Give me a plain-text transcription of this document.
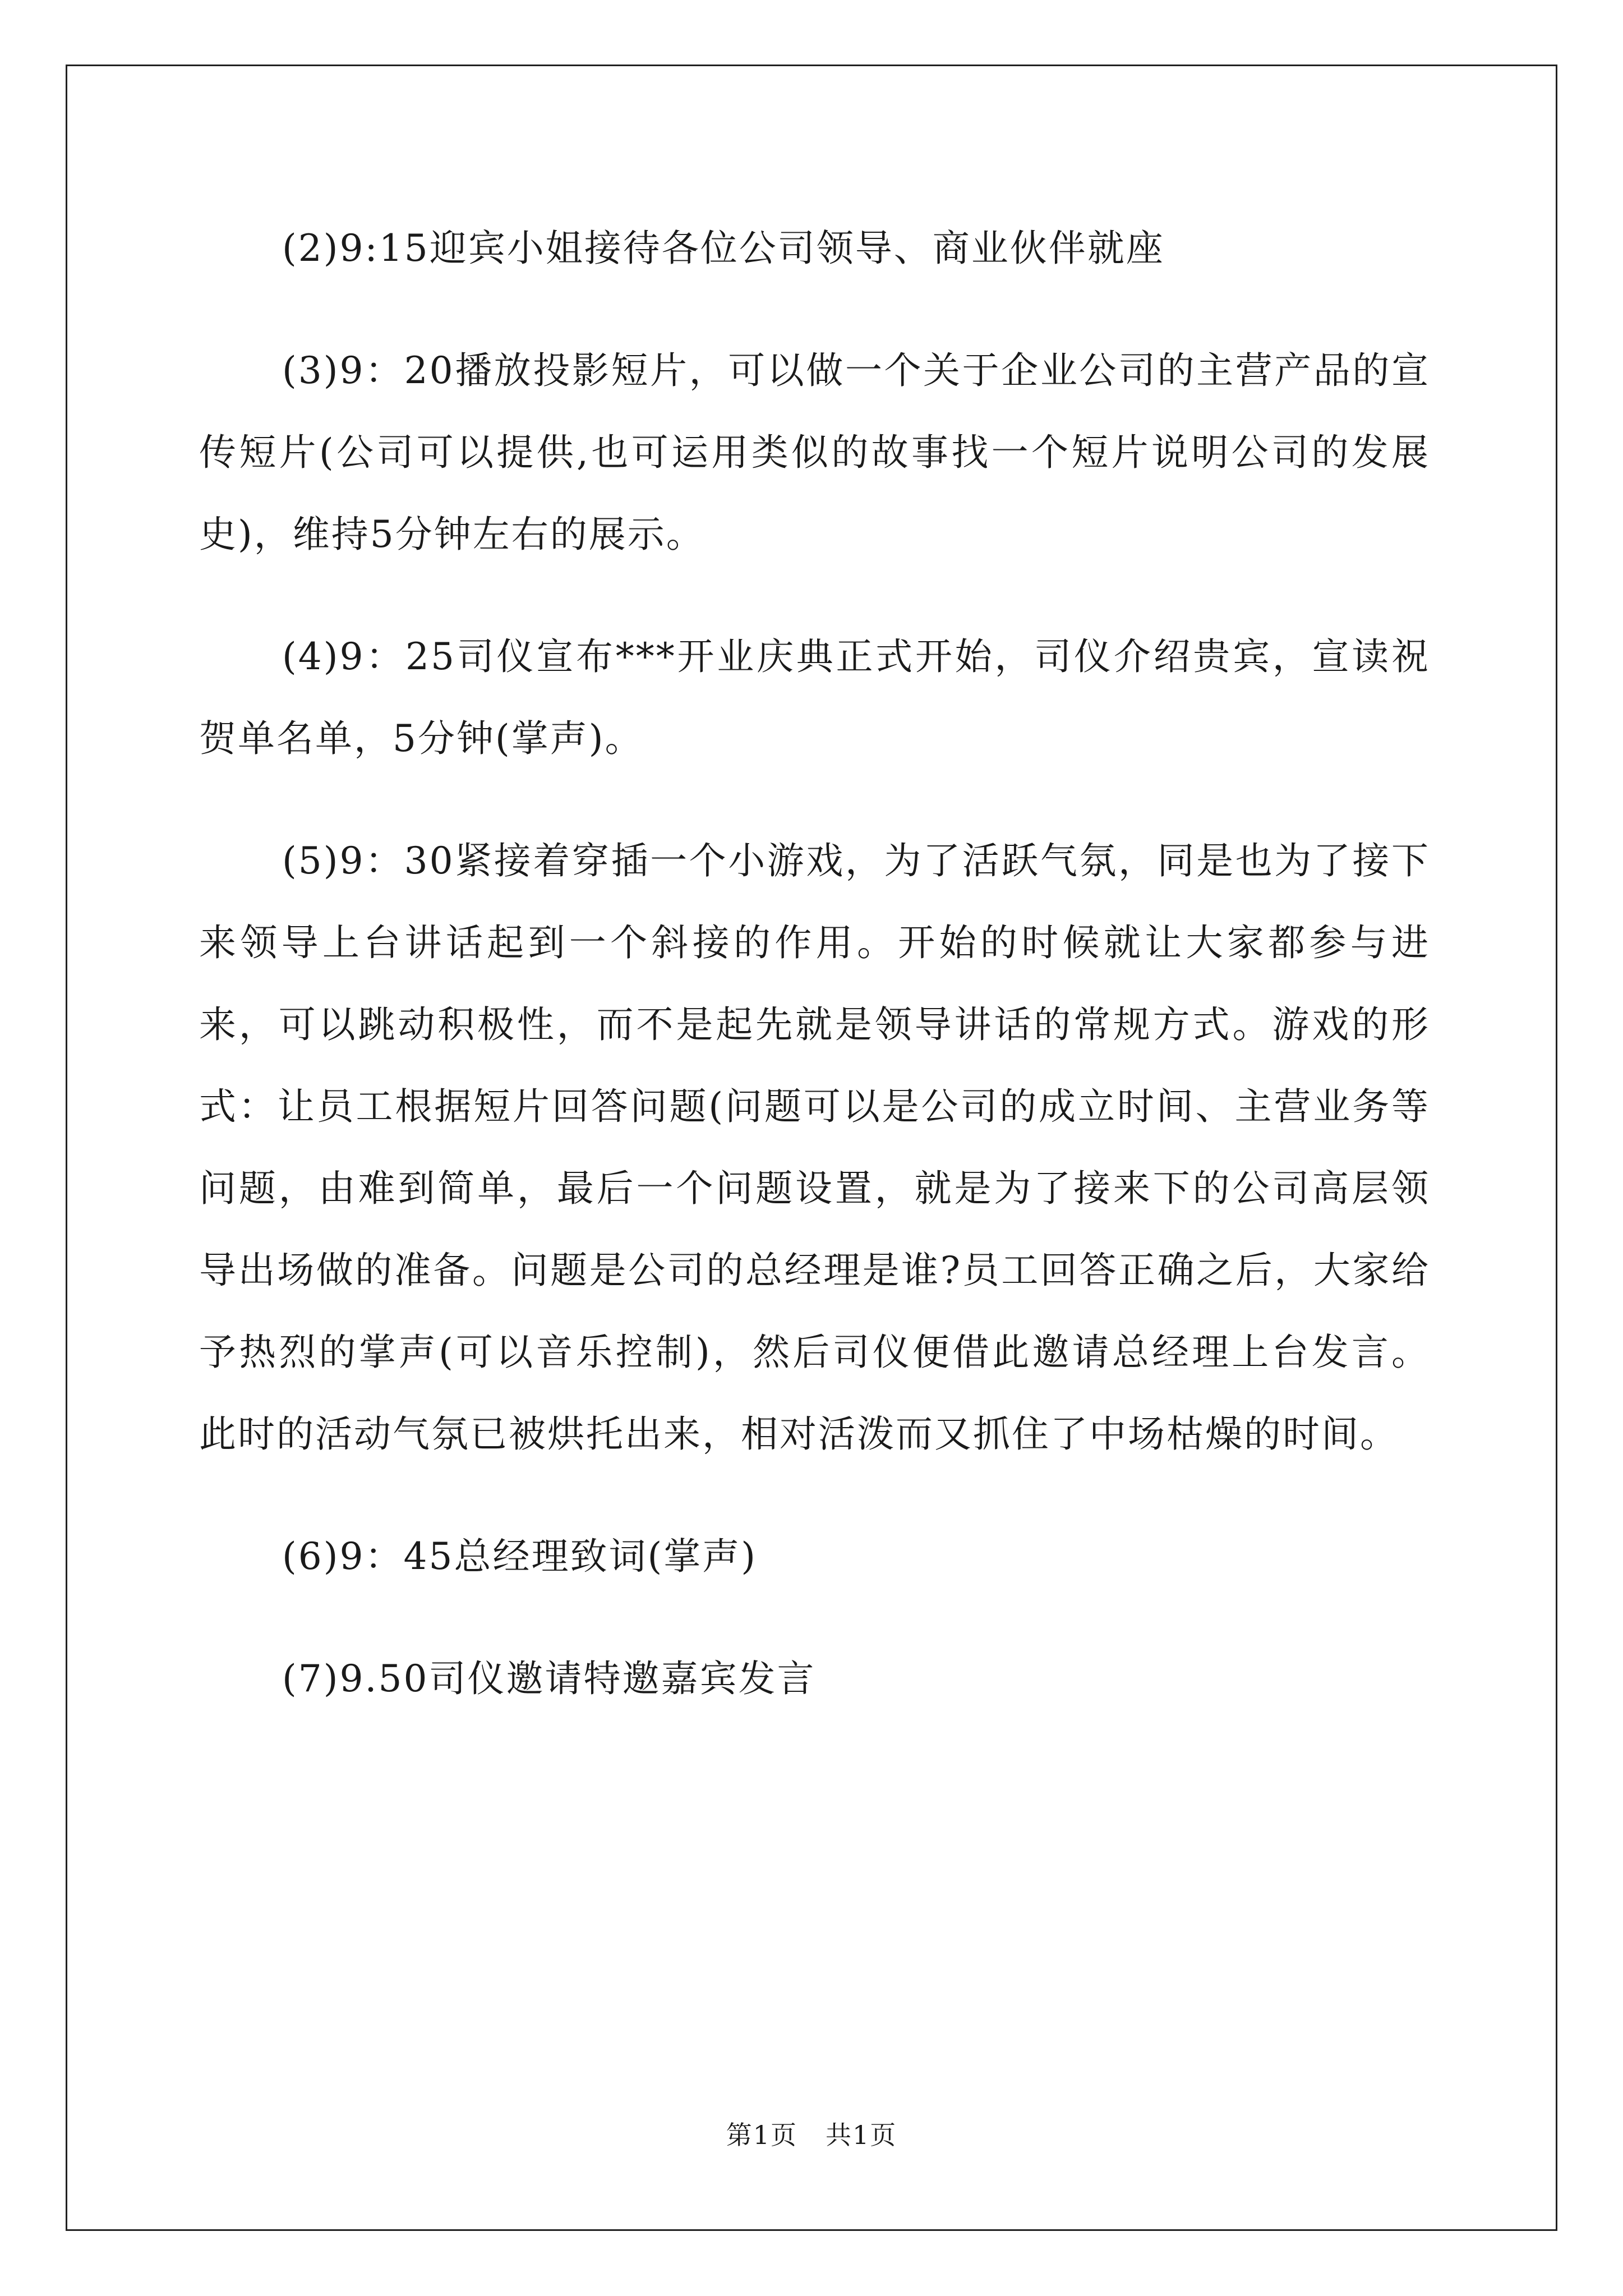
(2)9:15迎宾小姐接待各位公司领导、商业伙伴就座

(3)9：20播放投影短片，可以做一个关于企业公司的主营产品的宣传短片(公司可以提供,也可运用类似的故事找一个短片说明公司的发展史)，维持5分钟左右的展示。

(4)9：25司仪宣布***开业庆典正式开始，司仪介绍贵宾，宣读祝贺单名单，5分钟(掌声)。

(5)9：30紧接着穿插一个小游戏，为了活跃气氛，同是也为了接下来领导上台讲话起到一个斜接的作用。开始的时候就让大家都参与进来，可以跳动积极性，而不是起先就是领导讲话的常规方式。游戏的形式：让员工根据短片回答问题(问题可以是公司的成立时间、主营业务等问题，由难到简单，最后一个问题设置，就是为了接来下的公司高层领导出场做的准备。问题是公司的总经理是谁?员工回答正确之后，大家给予热烈的掌声(可以音乐控制)，然后司仪便借此邀请总经理上台发言。此时的活动气氛已被烘托出来，相对活泼而又抓住了中场枯燥的时间。

(6)9：45总经理致词(掌声)

(7)9.50司仪邀请特邀嘉宾发言

第1页 共1页
